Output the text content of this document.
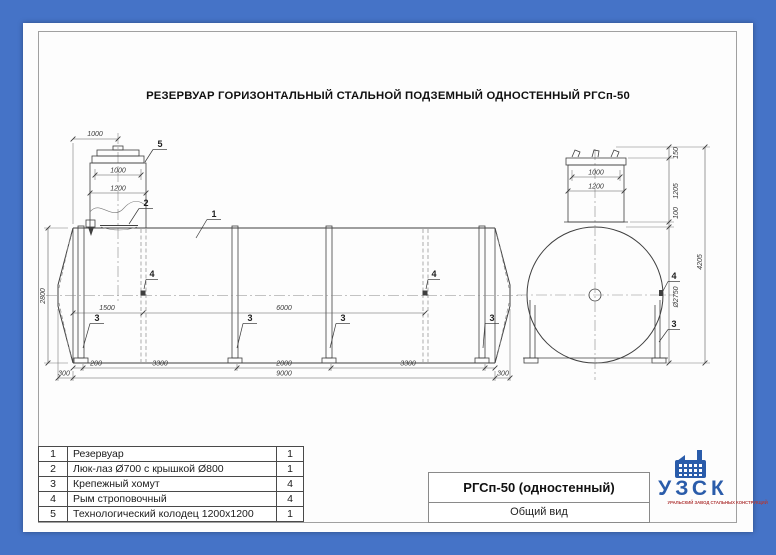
РЕЗЕРВУАР ГОРИЗОНТАЛЬНЫЙ СТАЛЬНОЙ ПОДЗЕМНЫЙ ОДНОСТЕННЫЙ РГСп-50
1000
1000
1200
2800
1500	6000
200	3300	2000	3300
300	9000	300
1
2
5
4	4
3	3	3	3
1000
1200
150
1205
100
Ø2750
4205
4
3
1	Резервуар	1
2	Люк-лаз Ø700 с крышкой Ø800	1
3	Крепежный хомут	4
4	Рым строповочный	4
5	Технологический колодец 1200х1200	1
РГСп-50 (одностенный)
Общий вид
УЗСК
УРАЛЬСКИЙ ЗАВОД СТАЛЬНЫХ КОНСТРУКЦИЙ
